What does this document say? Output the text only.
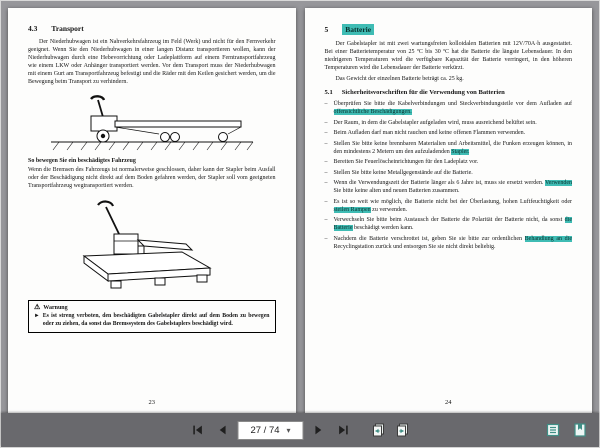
4.3 Transport

Der Niederhubwagen ist ein Nahverkehrsfahrzeug im Feld (Werk) und nicht für den Fernverkehr geeignet. Wenn Sie den Niederhubwagen in einer langen Distanz transportieren wollen, kann der Niederhubwagen durch eine Hebevorrichtung oder Ladeplattform auf einem Ferntransportfahrzeug wie einem LKW oder Anhänger transportiert werden. Vor dem Transport muss der Niederhubwagen mit einem Gurt am Transportfahrzeug befestigt und die Räder mit den Keilen gesichert werden, um die Bewegung beim Transport zu verhindern.

So bewegen Sie ein beschädigtes Fahrzeug

Wenn die Bremsen des Fahrzeugs ist normalerweise geschlossen, daher kann der Stapler beim Ausfall oder der Beschädigung nicht direkt auf dem Boden gefahren werden, der Stapler soll vom geeigneten Transportfahrzeug wegtransportiert werden.

⚠ Warnung
► Es ist streng verboten, den beschädigten Gabelstapler direkt auf dem Boden zu bewegen oder zu ziehen, da sonst das Bremssystem des Gabelstaplers beschädigt wird.
23
5	Batterie

Der Gabelstapler ist mit zwei wartungsfreien kolloidalen Batterien mit 12V/70A·h ausgestattet. Bei einer Batterietemperatur von 25 ºC bis 30 ºC hat die Batterie die längste Lebensdauer. In den niedrigeren Temperaturen wird die verfügbare Kapazität der Batterie verringert, in den höheren Temperaturen wird die Lebensdauer der Batterie verkürzt.

Das Gewicht der einzelnen Batterie beträgt ca. 25 kg.

5.1 Sicherheitsvorschriften für die Verwendung von Batterien
–	Überprüfen Sie bitte die Kabelverbindungen und Steckverbindungsteile vor dem Aufladen auf offensichtliche Beschädigungen.
–	Der Raum, in dem die Gabelstapler aufgeladen wird, muss ausreichend belüftet sein.
–	Beim Aufladen darf man nicht rauchen und keine offenen Flammen verwenden.
–	Stellen Sie bitte keine brennbaren Materialien und Arbeitsmittel, die Funken erzeugen können, in den mindestens 2 Metern um den aufzuladenden Stapler.
–	Bereiten Sie Feuerlöscheinrichtungen für den Ladeplatz vor.
–	Stellen Sie bitte keine Metallgegenstände auf die Batterie.
–	Wenn die Verwendungszeit der Batterie länger als 6 Jahre ist, muss sie ersetzt werden. Verwenden Sie bitte keine alten und neuen Batterien zusammen.
–	Es ist so weit wie möglich, die Batterie nicht bei der Überlastung, hohen Luftfeuchtigkeit oder steilen Rampen zu verwenden.
–	Verwechseln Sie bitte beim Austausch der Batterie die Polarität der Batterie nicht, da sonst die Batterie beschädigt werden kann.
–	Nachdem die Batterie verschrottet ist, geben Sie sie bitte zur ordentlichen Behandlung an die Recyclingstation zurück und entsorgen Sie sie nicht direkt beliebig.
24
27 / 74 ▾
